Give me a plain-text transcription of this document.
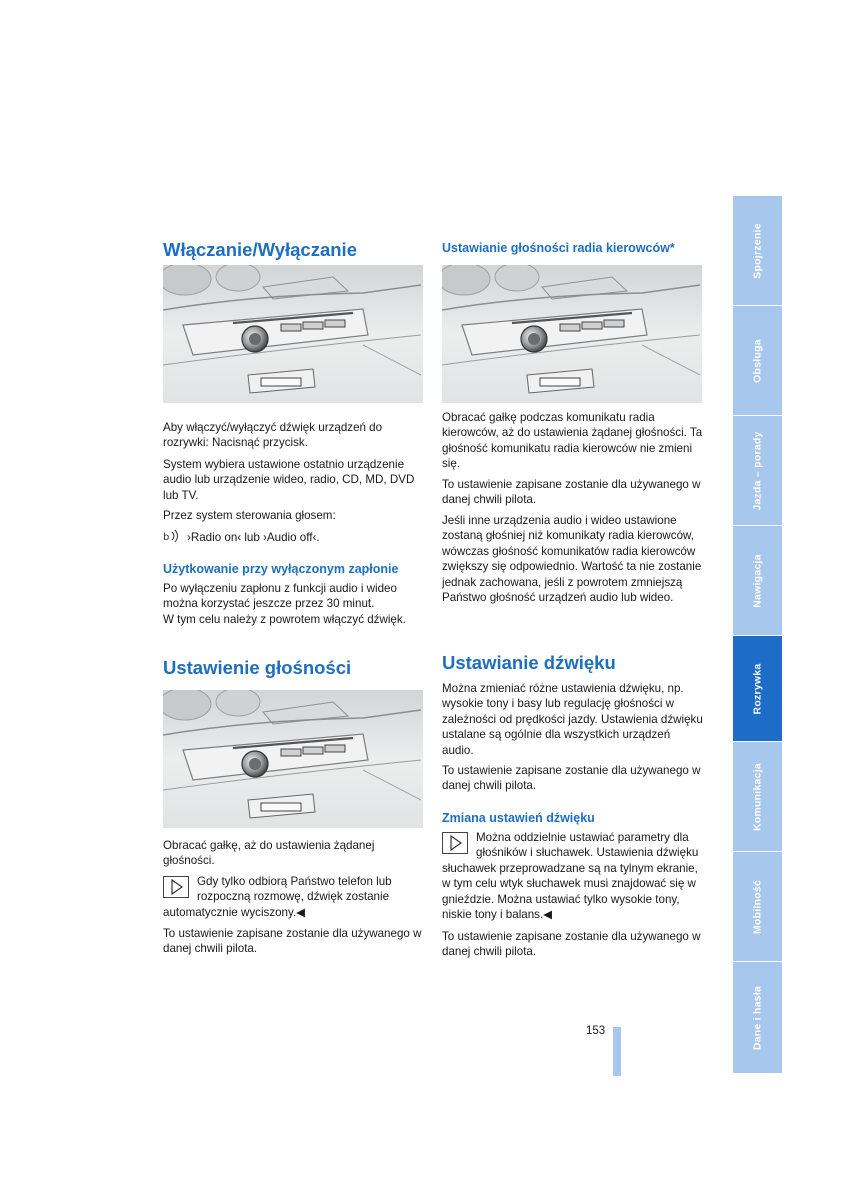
Włączanie/Wyłączanie

Aby włączyć/wyłączyć dźwięk urządzeń do rozrywki: Nacisnąć przycisk.

System wybiera ustawione ostatnio urządzenie audio lub urządzenie wideo, radio, CD, MD, DVD lub TV.

Przez system sterowania głosem:

b ›Radio on‹ lub ›Audio off‹.

Użytkowanie przy wyłączonym zapłonie

Po wyłączeniu zapłonu z funkcji audio i wideo można korzystać jeszcze przez 30 minut.

W tym celu należy z powrotem włączyć dźwięk.

Ustawienie głośności

Obracać gałkę, aż do ustawienia żądanej głośności.

Gdy tylko odbiorą Państwo telefon lub rozpoczną rozmowę, dźwięk zostanie automatycznie wyciszony.◀

To ustawienie zapisane zostanie dla używanego w danej chwili pilota.

Ustawianie głośności radia kierowców*

Obracać gałkę podczas komunikatu radia kierowców, aż do ustawienia żądanej głośności. Ta głośność komunikatu radia kierowców nie zmieni się.

To ustawienie zapisane zostanie dla używanego w danej chwili pilota.

Jeśli inne urządzenia audio i wideo ustawione zostaną głośniej niż komunikaty radia kierowców, wówczas głośność komunikatów radia kierowców zwiększy się odpowiednio. Wartość ta nie zostanie jednak zachowana, jeśli z powrotem zmniejszą Państwo głośność urządzeń audio lub wideo.

Ustawianie dźwięku

Można zmieniać różne ustawienia dźwięku, np. wysokie tony i basy lub regulację głośności w zależności od prędkości jazdy. Ustawienia dźwięku ustalane są ogólnie dla wszystkich urządzeń audio.

To ustawienie zapisane zostanie dla używanego w danej chwili pilota.

Zmiana ustawień dźwięku

Można oddzielnie ustawiać parametry dla głośników i słuchawek. Ustawienia dźwięku słuchawek przeprowadzane są na tylnym ekranie, w tym celu wtyk słuchawek musi znajdować się w gnieździe. Można ustawiać tylko wysokie tony, niskie tony i balans.◀

To ustawienie zapisane zostanie dla używanego w danej chwili pilota.

153
Spojrzenie
Obsługa
Jazda – porady
Nawigacja
Rozrywka
Komunikacja
Mobilność
Dane i hasła
